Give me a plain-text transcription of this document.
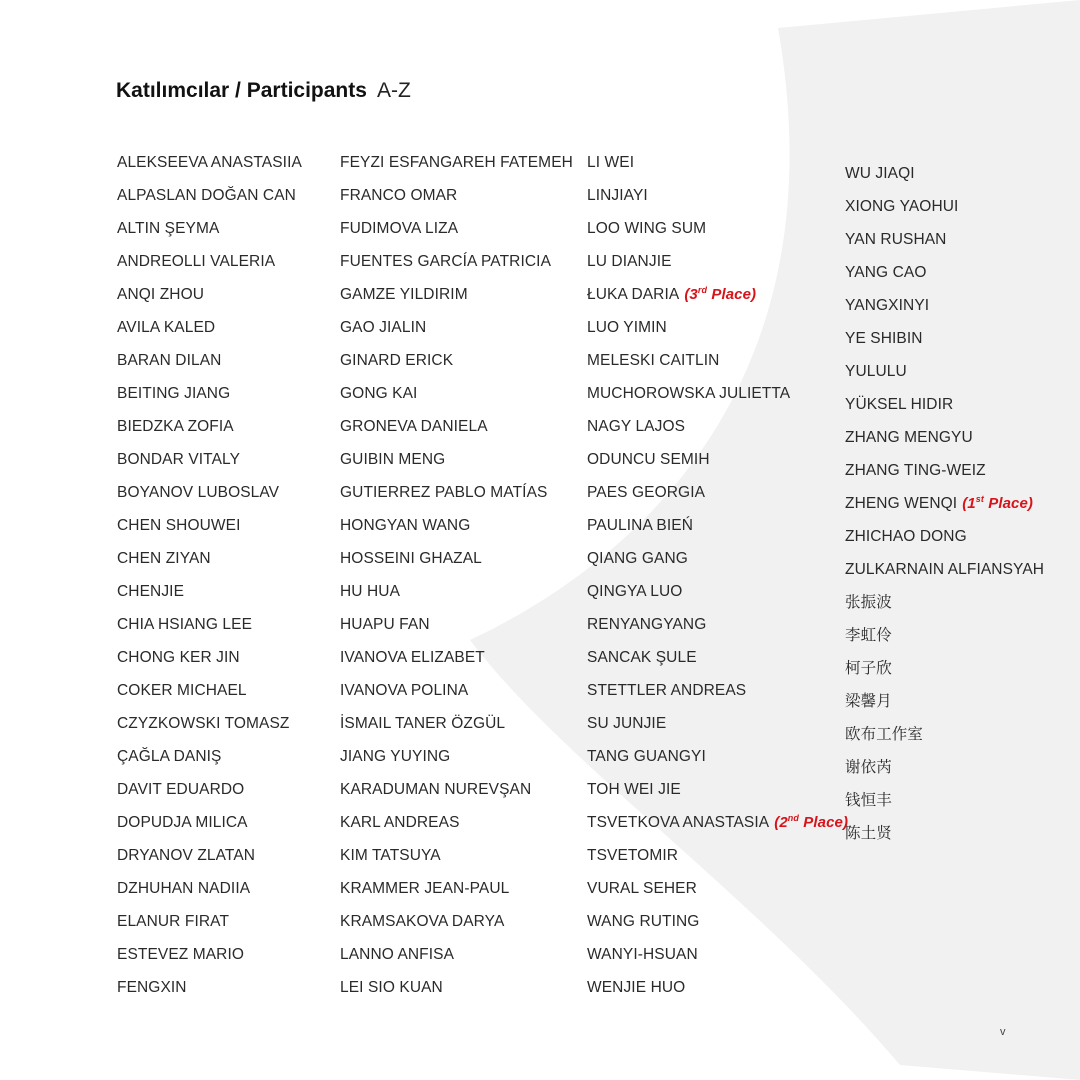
Katılımcılar / Participants A-Z
ALEKSEEVA ANASTASIIA
ALPASLAN DOĞAN CAN
ALTIN ŞEYMA
ANDREOLLI VALERIA
ANQI ZHOU
AVILA KALED
BARAN DILAN
BEITING JIANG
BIEDZKA ZOFIA
BONDAR VITALY
BOYANOV LUBOSLAV
CHEN SHOUWEI
CHEN ZIYAN
CHENJIE
CHIA HSIANG LEE
CHONG KER JIN
COKER MICHAEL
CZYZKOWSKI TOMASZ
ÇAĞLA DANIŞ
DAVIT EDUARDO
DOPUDJA MILICA
DRYANOV ZLATAN
DZHUHAN NADIIA
ELANUR FIRAT
ESTEVEZ MARIO
FENGXIN
FEYZI ESFANGAREH FATEMEH
FRANCO OMAR
FUDIMOVA LIZA
FUENTES GARCÍA PATRICIA
GAMZE YILDIRIM
GAO JIALIN
GINARD ERICK
GONG KAI
GRONEVA DANIELA
GUIBIN MENG
GUTIERREZ PABLO MATÍAS
HONGYAN WANG
HOSSEINI GHAZAL
HU HUA
HUAPU FAN
IVANOVA ELIZABET
IVANOVA POLINA
İSMAIL TANER ÖZGÜL
JIANG YUYING
KARADUMAN NUREVŞAN
KARL ANDREAS
KIM TATSUYA
KRAMMER JEAN-PAUL
KRAMSAKOVA DARYA
LANNO ANFISA
LEI SIO KUAN
LI WEI
LINJIAYI
LOO WING SUM
LU DIANJIE
ŁUKA DARIA (3rd Place)
LUO YIMIN
MELESKI CAITLIN
MUCHOROWSKA JULIETTA
NAGY LAJOS
ODUNCU SEMIH
PAES GEORGIA
PAULINA BIEŃ
QIANG GANG
QINGYA LUO
RENYANGYANG
SANCAK ŞULE
STETTLER ANDREAS
SU JUNJIE
TANG GUANGYI
TOH WEI JIE
TSVETKOVA ANASTASIA (2nd Place)
TSVETOMIR
VURAL SEHER
WANG RUTING
WANYI-HSUAN
WENJIE HUO
WU JIAQI
XIONG YAOHUI
YAN RUSHAN
YANG CAO
YANGXINYI
YE SHIBIN
YULULU
YÜKSEL HIDIR
ZHANG MENGYU
ZHANG TING-WEIZ
ZHENG WENQI (1st Place)
ZHICHAO DONG
ZULKARNAIN ALFIANSYAH
张振波
李虹伶
柯子欣
梁馨月
欧布工作室
谢依芮
钱恒丰
陈土贤
v
